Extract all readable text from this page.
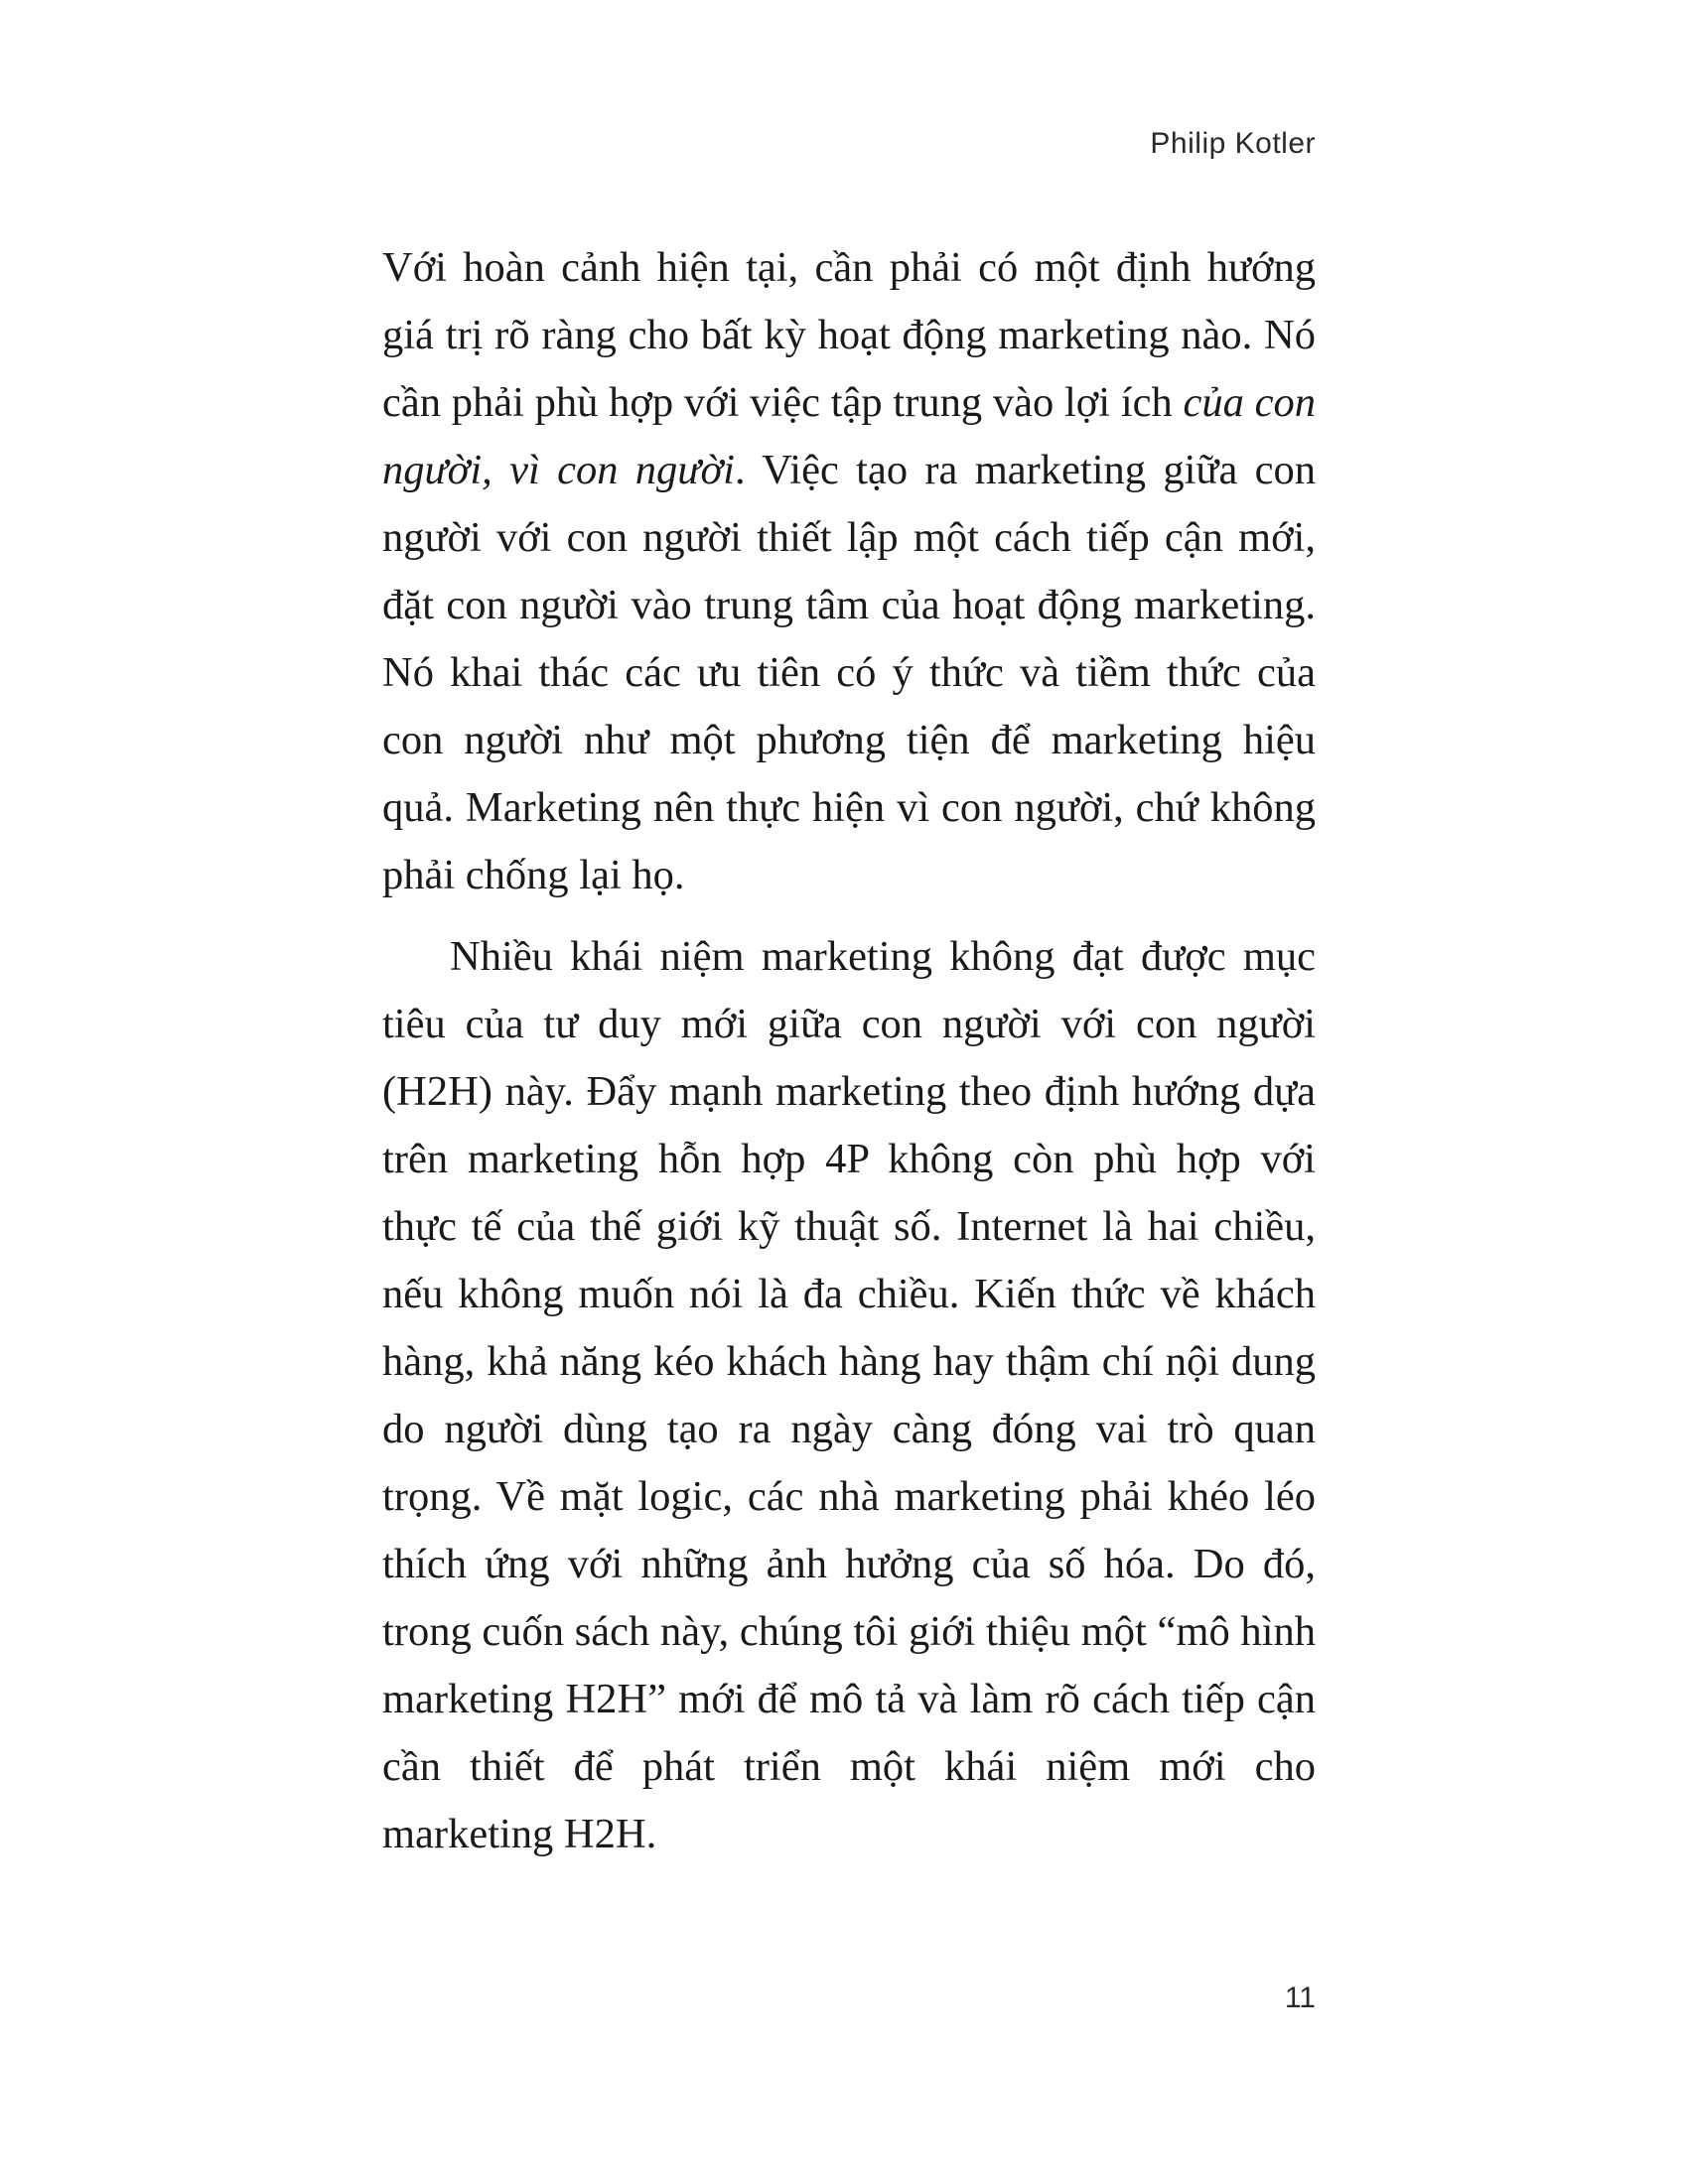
Philip Kotler

Với hoàn cảnh hiện tại, cần phải có một định hướng giá trị rõ ràng cho bất kỳ hoạt động marketing nào. Nó cần phải phù hợp với việc tập trung vào lợi ích của con người, vì con người. Việc tạo ra marketing giữa con người với con người thiết lập một cách tiếp cận mới, đặt con người vào trung tâm của hoạt động marketing. Nó khai thác các ưu tiên có ý thức và tiềm thức của con người như một phương tiện để marketing hiệu quả. Marketing nên thực hiện vì con người, chứ không phải chống lại họ.

Nhiều khái niệm marketing không đạt được mục tiêu của tư duy mới giữa con người với con người (H2H) này. Đẩy mạnh marketing theo định hướng dựa trên marketing hỗn hợp 4P không còn phù hợp với thực tế của thế giới kỹ thuật số. Internet là hai chiều, nếu không muốn nói là đa chiều. Kiến thức về khách hàng, khả năng kéo khách hàng hay thậm chí nội dung do người dùng tạo ra ngày càng đóng vai trò quan trọng. Về mặt logic, các nhà marketing phải khéo léo thích ứng với những ảnh hưởng của số hóa. Do đó, trong cuốn sách này, chúng tôi giới thiệu một “mô hình marketing H2H” mới để mô tả và làm rõ cách tiếp cận cần thiết để phát triển một khái niệm mới cho marketing H2H.

11
